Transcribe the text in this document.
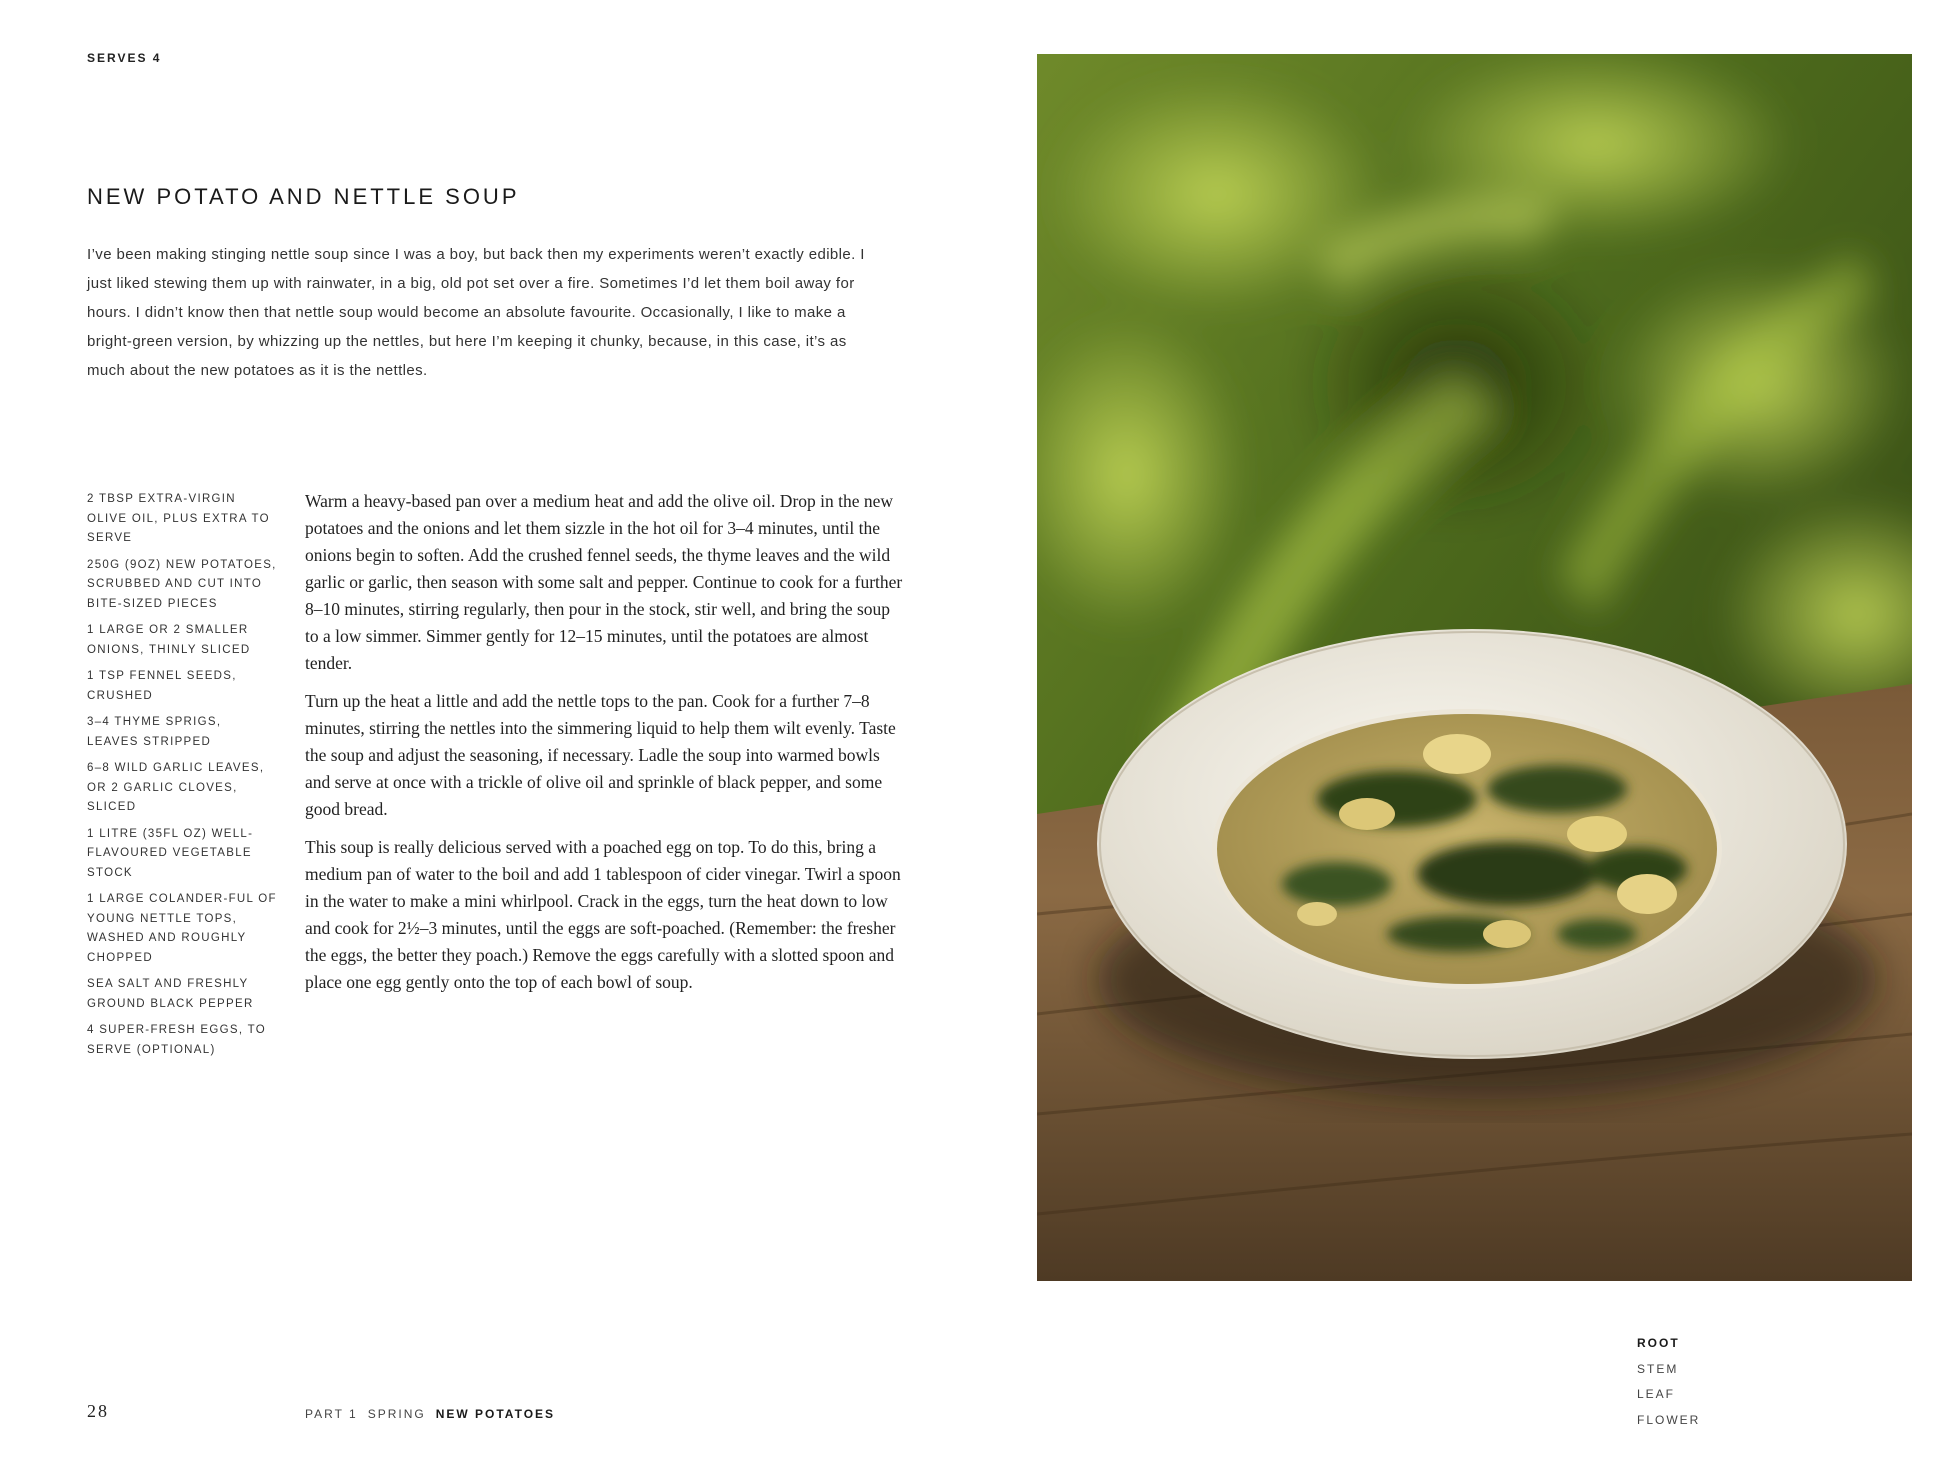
SERVES 4
NEW POTATO AND NETTLE SOUP

I’ve been making stinging nettle soup since I was a boy, but back then my experiments weren’t exactly edible. I just liked stewing them up with rainwater, in a big, old pot set over a fire. Sometimes I’d let them boil away for hours. I didn’t know then that nettle soup would become an absolute favourite. Occasionally, I like to make a bright-green version, by whizzing up the nettles, but here I’m keeping it chunky, because, in this case, it’s as much about the new potatoes as it is the nettles.

2 TBSP EXTRA-VIRGIN OLIVE OIL, PLUS EXTRA TO SERVE
250G (9OZ) NEW POTATOES, SCRUBBED AND CUT INTO BITE-SIZED PIECES
1 LARGE OR 2 SMALLER ONIONS, THINLY SLICED
1 TSP FENNEL SEEDS, CRUSHED
3–4 THYME SPRIGS, LEAVES STRIPPED
6–8 WILD GARLIC LEAVES, OR 2 GARLIC CLOVES, SLICED
1 LITRE (35FL OZ) WELL-FLAVOURED VEGETABLE STOCK
1 LARGE COLANDER-FUL OF YOUNG NETTLE TOPS, WASHED AND ROUGHLY CHOPPED
SEA SALT AND FRESHLY GROUND BLACK PEPPER
4 SUPER-FRESH EGGS, TO SERVE (OPTIONAL)

Warm a heavy-based pan over a medium heat and add the olive oil. Drop in the new potatoes and the onions and let them sizzle in the hot oil for 3–4 minutes, until the onions begin to soften. Add the crushed fennel seeds, the thyme leaves and the wild garlic or garlic, then season with some salt and pepper. Continue to cook for a further 8–10 minutes, stirring regularly, then pour in the stock, stir well, and bring the soup to a low simmer. Simmer gently for 12–15 minutes, until the potatoes are almost tender.

Turn up the heat a little and add the nettle tops to the pan. Cook for a further 7–8 minutes, stirring the nettles into the simmering liquid to help them wilt evenly. Taste the soup and adjust the seasoning, if necessary. Ladle the soup into warmed bowls and serve at once with a trickle of olive oil and sprinkle of black pepper, and some good bread.

This soup is really delicious served with a poached egg on top. To do this, bring a medium pan of water to the boil and add 1 tablespoon of cider vinegar. Twirl a spoon in the water to make a mini whirlpool. Crack in the eggs, turn the heat down to low and cook for 2½–3 minutes, until the eggs are soft-poached. (Remember: the fresher the eggs, the better they poach.) Remove the eggs carefully with a slotted spoon and place one egg gently onto the top of each bowl of soup.

28	PART 1 SPRING NEW POTATOES
ROOT
STEM
LEAF
FLOWER
